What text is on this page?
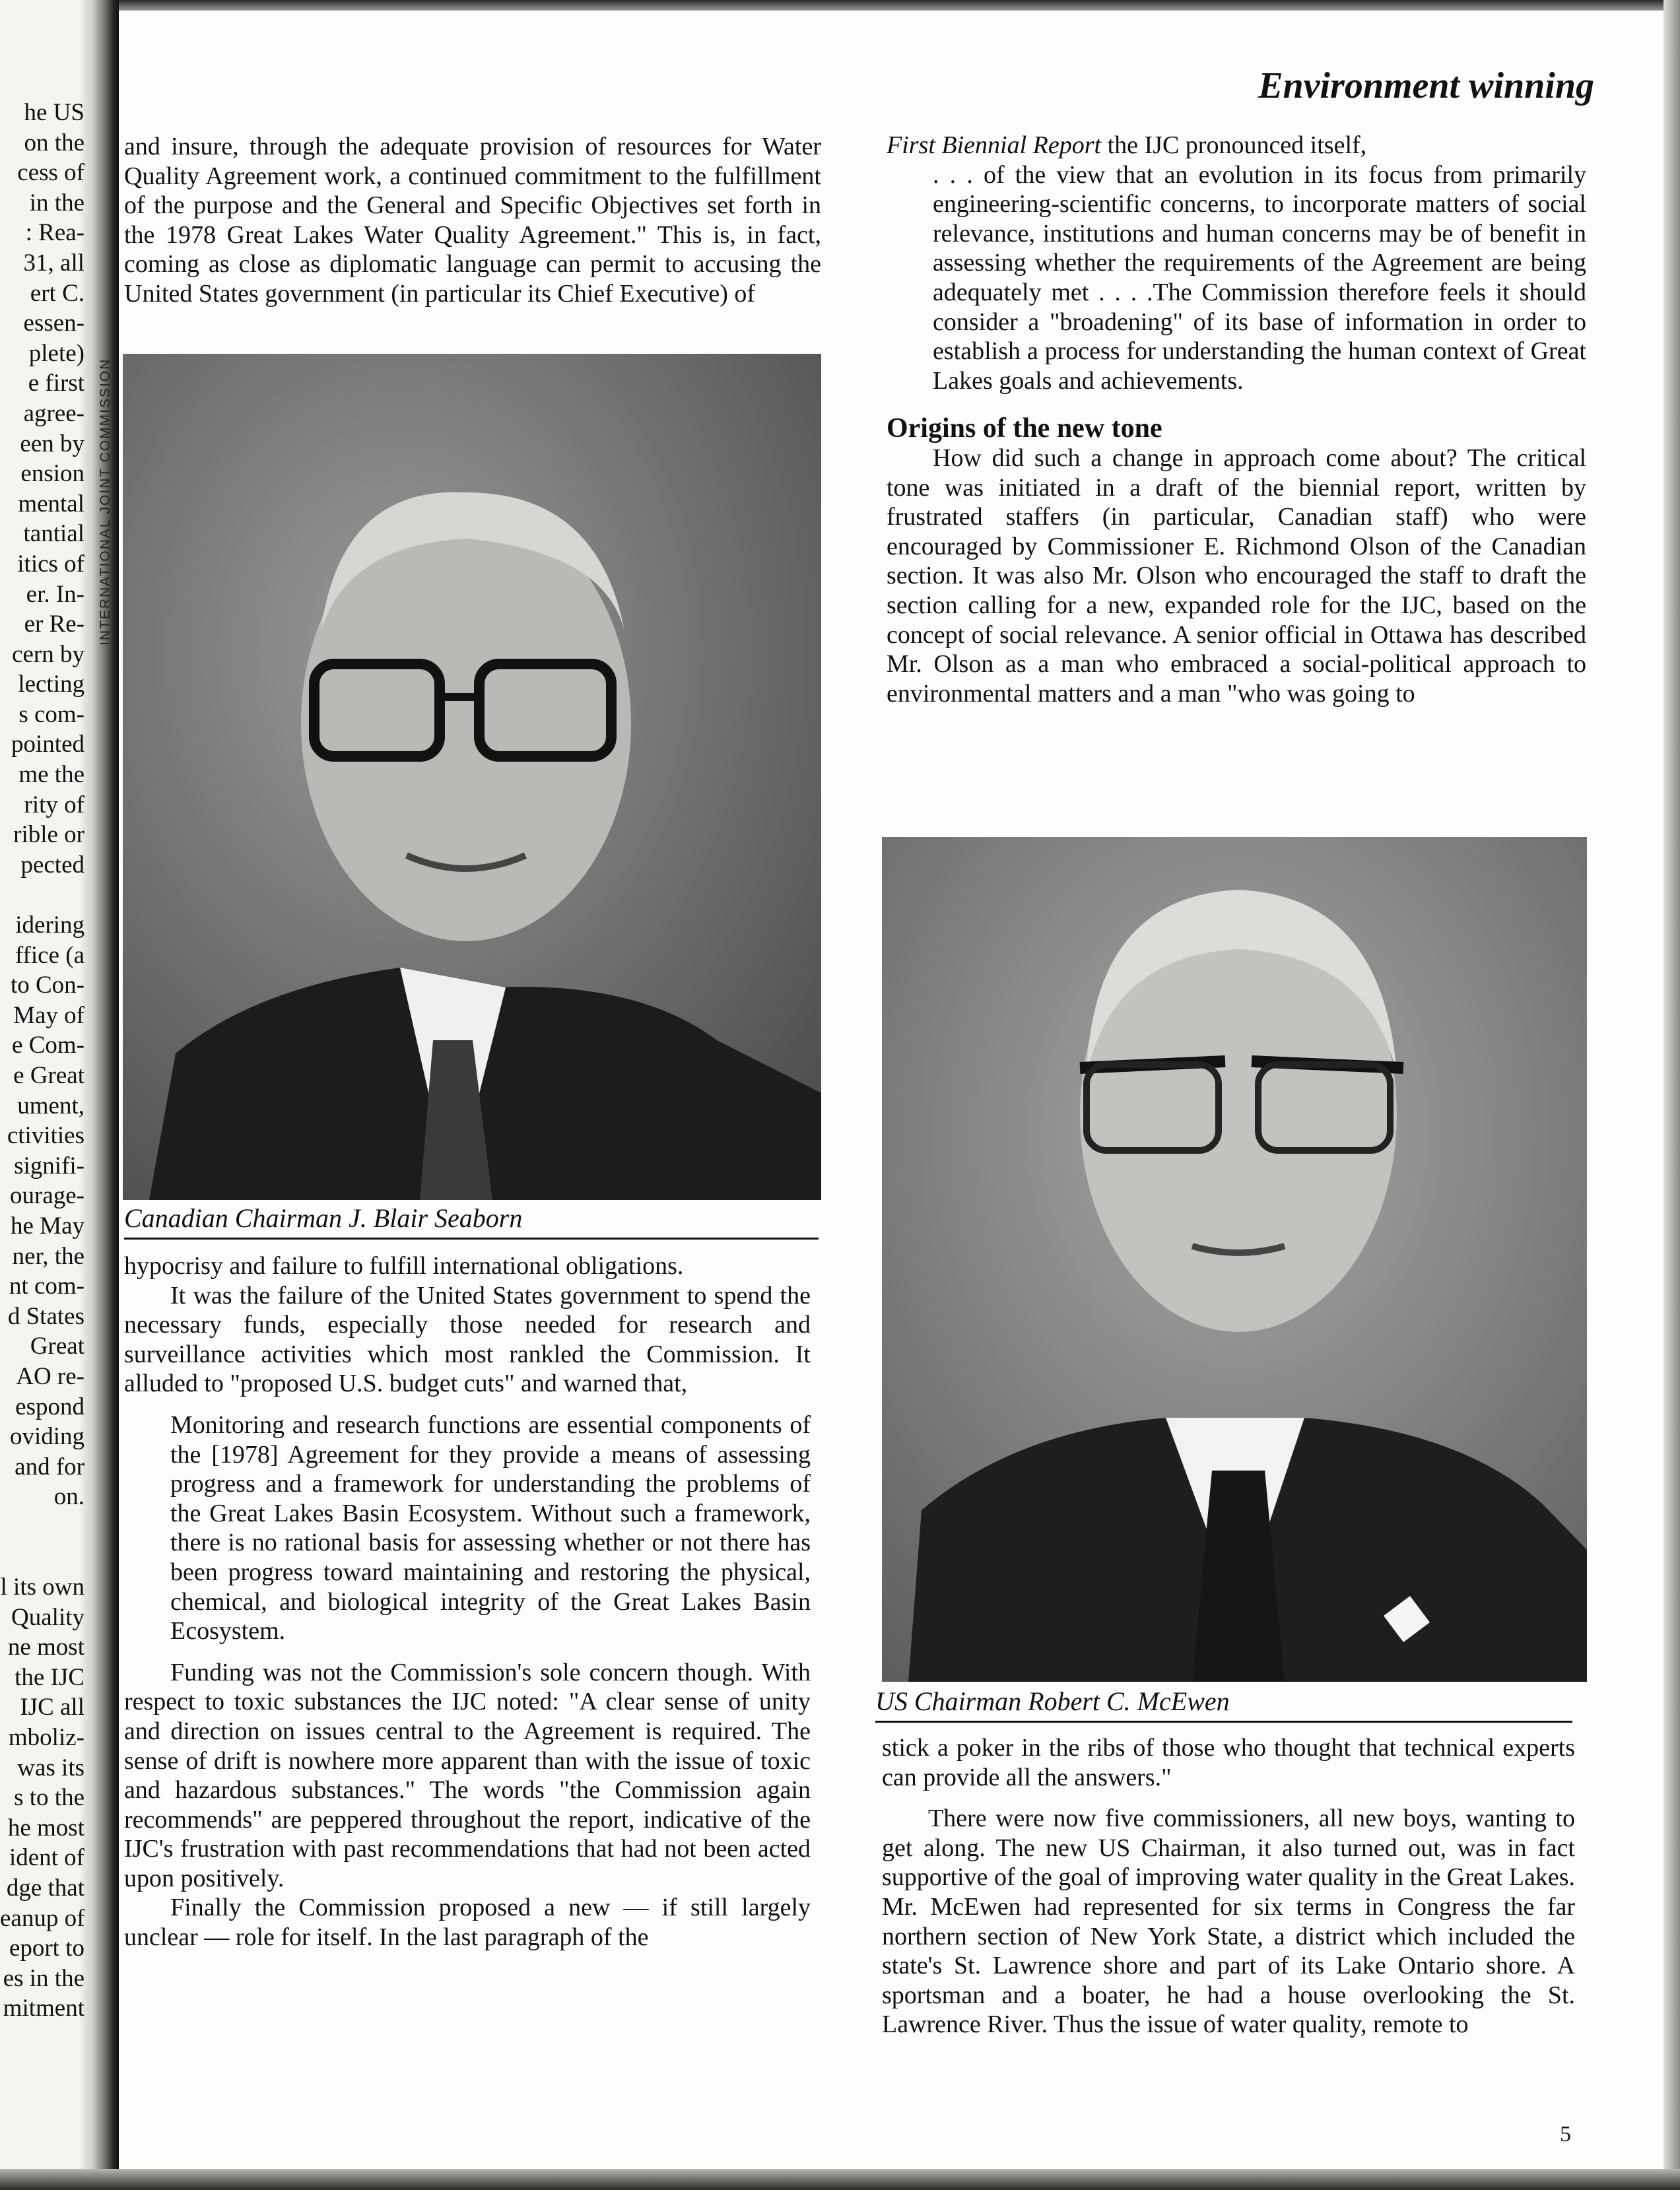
he US
on the
cess of
in the
: Rea-
31, all
ert C.
essen-
plete)
e first
agree-
een by
ension
mental
tantial
itics of
er. In-
er Re-
cern by
lecting
s com-
pointed
me the
rity of
rible or
pected
idering
ffice (a
to Con-
May of
e Com-
e Great
ument,
ctivities
signifi-
ourage-
he May
ner, the
nt com-
d States
Great
AO re-
espond
oviding
and for
on.
l its own
Quality
ne most
the IJC
IJC all
mboliz-
was its
s to the
he most
ident of
dge that
eanup of
eport to
es in the
mitment
Environment winning

and insure, through the adequate provision of resources for Water Quality Agreement work, a continued commitment to the fulfillment of the purpose and the General and Specific Objectives set forth in the 1978 Great Lakes Water Quality Agreement." This is, in fact, coming as close as diplomatic language can permit to accusing the United States government (in particular its Chief Executive) of

INTERNATIONAL JOINT COMMISSION
Canadian Chairman J. Blair Seaborn

hypocrisy and failure to fulfill international obligations.

It was the failure of the United States government to spend the necessary funds, especially those needed for research and surveillance activities which most rankled the Commission. It alluded to "proposed U.S. budget cuts" and warned that,

Monitoring and research functions are essential components of the [1978] Agreement for they provide a means of assessing progress and a framework for understanding the problems of the Great Lakes Basin Ecosystem. Without such a framework, there is no rational basis for assessing whether or not there has been progress toward maintaining and restoring the physical, chemical, and biological integrity of the Great Lakes Basin Ecosystem.

Funding was not the Commission's sole concern though. With respect to toxic substances the IJC noted: "A clear sense of unity and direction on issues central to the Agreement is required. The sense of drift is nowhere more apparent than with the issue of toxic and hazardous substances." The words "the Commission again recommends" are peppered throughout the report, indicative of the IJC's frustration with past recommendations that had not been acted upon positively.

Finally the Commission proposed a new — if still largely unclear — role for itself. In the last paragraph of the

First Biennial Report the IJC pronounced itself,

. . . of the view that an evolution in its focus from primarily engineering-scientific concerns, to incorporate matters of social relevance, institutions and human concerns may be of benefit in assessing whether the requirements of the Agreement are being adequately met . . . .The Commission therefore feels it should consider a "broadening" of its base of information in order to establish a process for understanding the human context of Great Lakes goals and achievements.

Origins of the new tone

How did such a change in approach come about? The critical tone was initiated in a draft of the biennial report, written by frustrated staffers (in particular, Canadian staff) who were encouraged by Commissioner E. Richmond Olson of the Canadian section. It was also Mr. Olson who encouraged the staff to draft the section calling for a new, expanded role for the IJC, based on the concept of social relevance. A senior official in Ottawa has described Mr. Olson as a man who embraced a social-political approach to environmental matters and a man "who was going to

US Chairman Robert C. McEwen

stick a poker in the ribs of those who thought that technical experts can provide all the answers."

There were now five commissioners, all new boys, wanting to get along. The new US Chairman, it also turned out, was in fact supportive of the goal of improving water quality in the Great Lakes. Mr. McEwen had represented for six terms in Congress the far northern section of New York State, a district which included the state's St. Lawrence shore and part of its Lake Ontario shore. A sportsman and a boater, he had a house overlooking the St. Lawrence River. Thus the issue of water quality, remote to

5
